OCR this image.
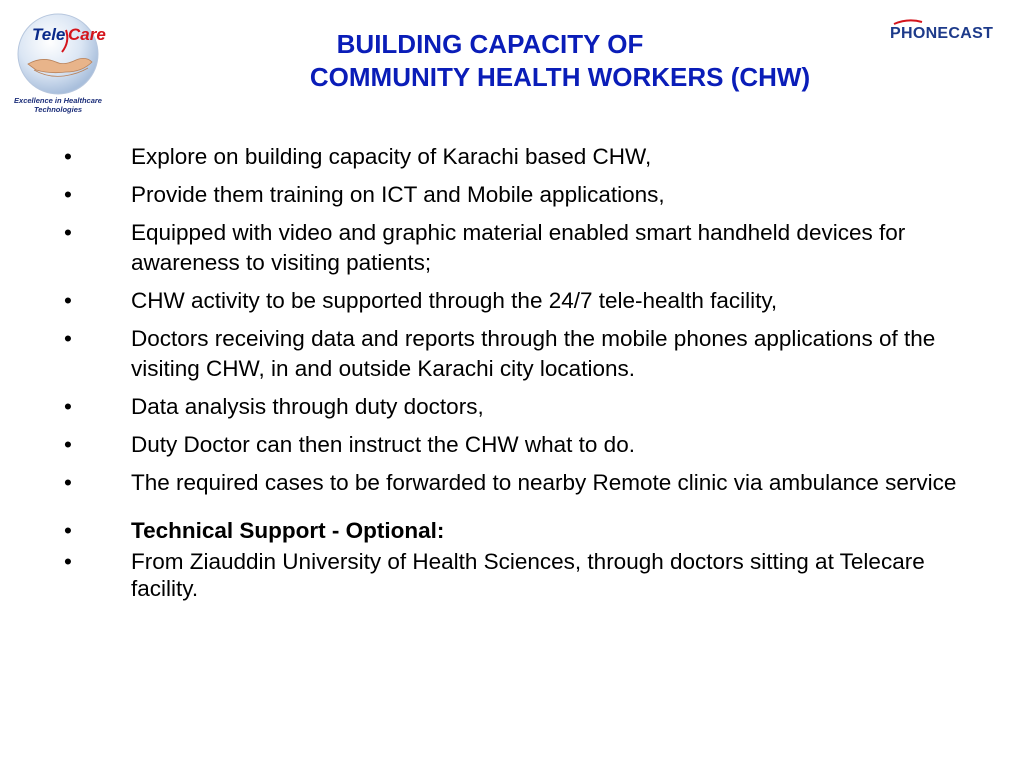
Tele Care
Excellence in Healthcare
Technologies
PHONECAST
BUILDING CAPACITY OF
COMMUNITY HEALTH WORKERS (CHW)
•	Explore on building capacity of Karachi based CHW,
•	Provide them training on ICT and Mobile applications,
•	Equipped with video and graphic material enabled smart handheld devices for awareness to visiting patients;
•	CHW activity to be supported through the 24/7 tele-health facility,
•	Doctors receiving data and reports through the mobile phones applications of the visiting CHW, in and outside Karachi city locations.
•	Data analysis through duty doctors,
•	Duty Doctor can then instruct the CHW what to do.
•	The required cases to be forwarded to nearby Remote clinic via ambulance service
•	Technical Support - Optional:
•	From Ziauddin University of Health Sciences, through doctors sitting at Telecare facility.
